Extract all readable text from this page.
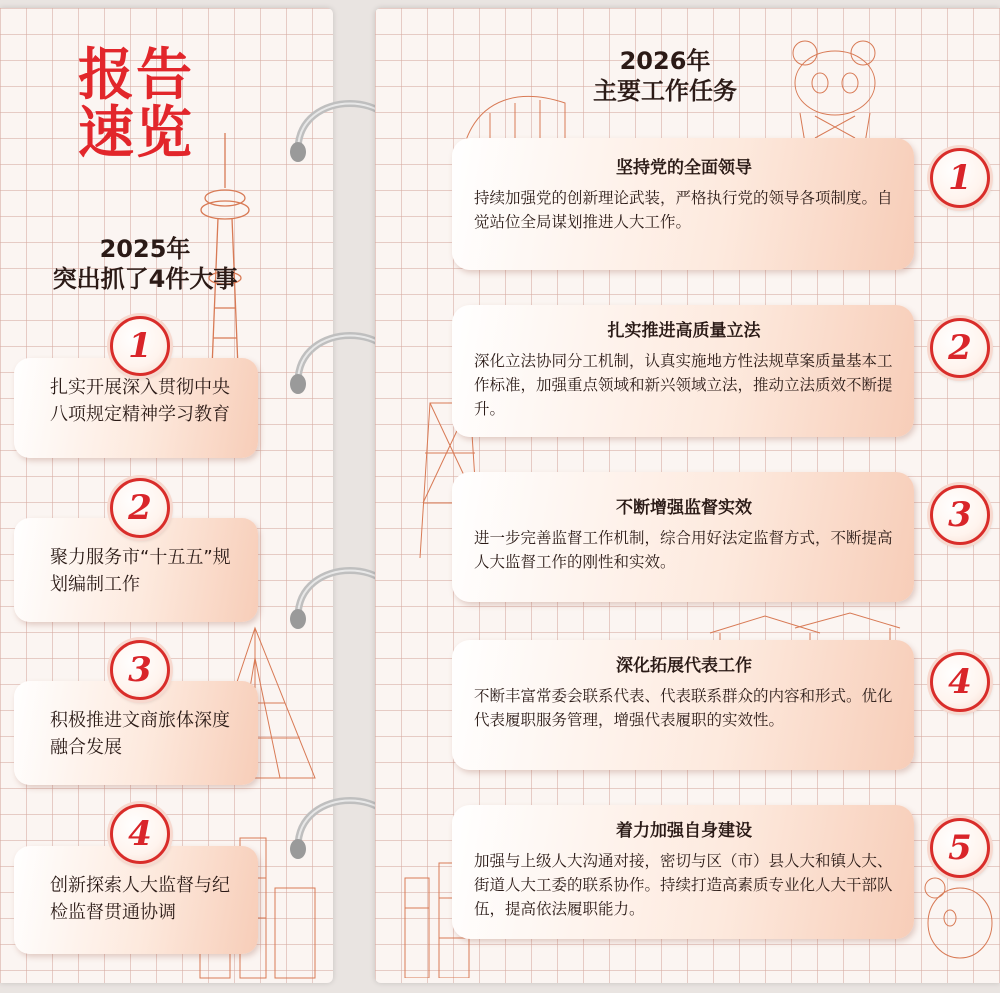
报 告
速 览
2025年
突出抓了4件大事
扎实开展深入贯彻中央八项规定精神学习教育
1
聚力服务市“十五五”规划编制工作
2
积极推进文商旅体深度融合发展
3
创新探索人大监督与纪检监督贯通协调
4
2026年
主要工作任务
坚持党的全面领导
持续加强党的创新理论武装，严格执行党的领导各项制度。自觉站位全局谋划推进人大工作。
1
扎实推进高质量立法
深化立法协同分工机制，认真实施地方性法规草案质量基本工作标准，加强重点领域和新兴领域立法，推动立法质效不断提升。
2
不断增强监督实效
进一步完善监督工作机制，综合用好法定监督方式，不断提高人大监督工作的刚性和实效。
3
深化拓展代表工作
不断丰富常委会联系代表、代表联系群众的内容和形式。优化代表履职服务管理，增强代表履职的实效性。
4
着力加强自身建设
加强与上级人大沟通对接，密切与区（市）县人大和镇人大、街道人大工委的联系协作。持续打造高素质专业化人大干部队伍，提高依法履职能力。
5
